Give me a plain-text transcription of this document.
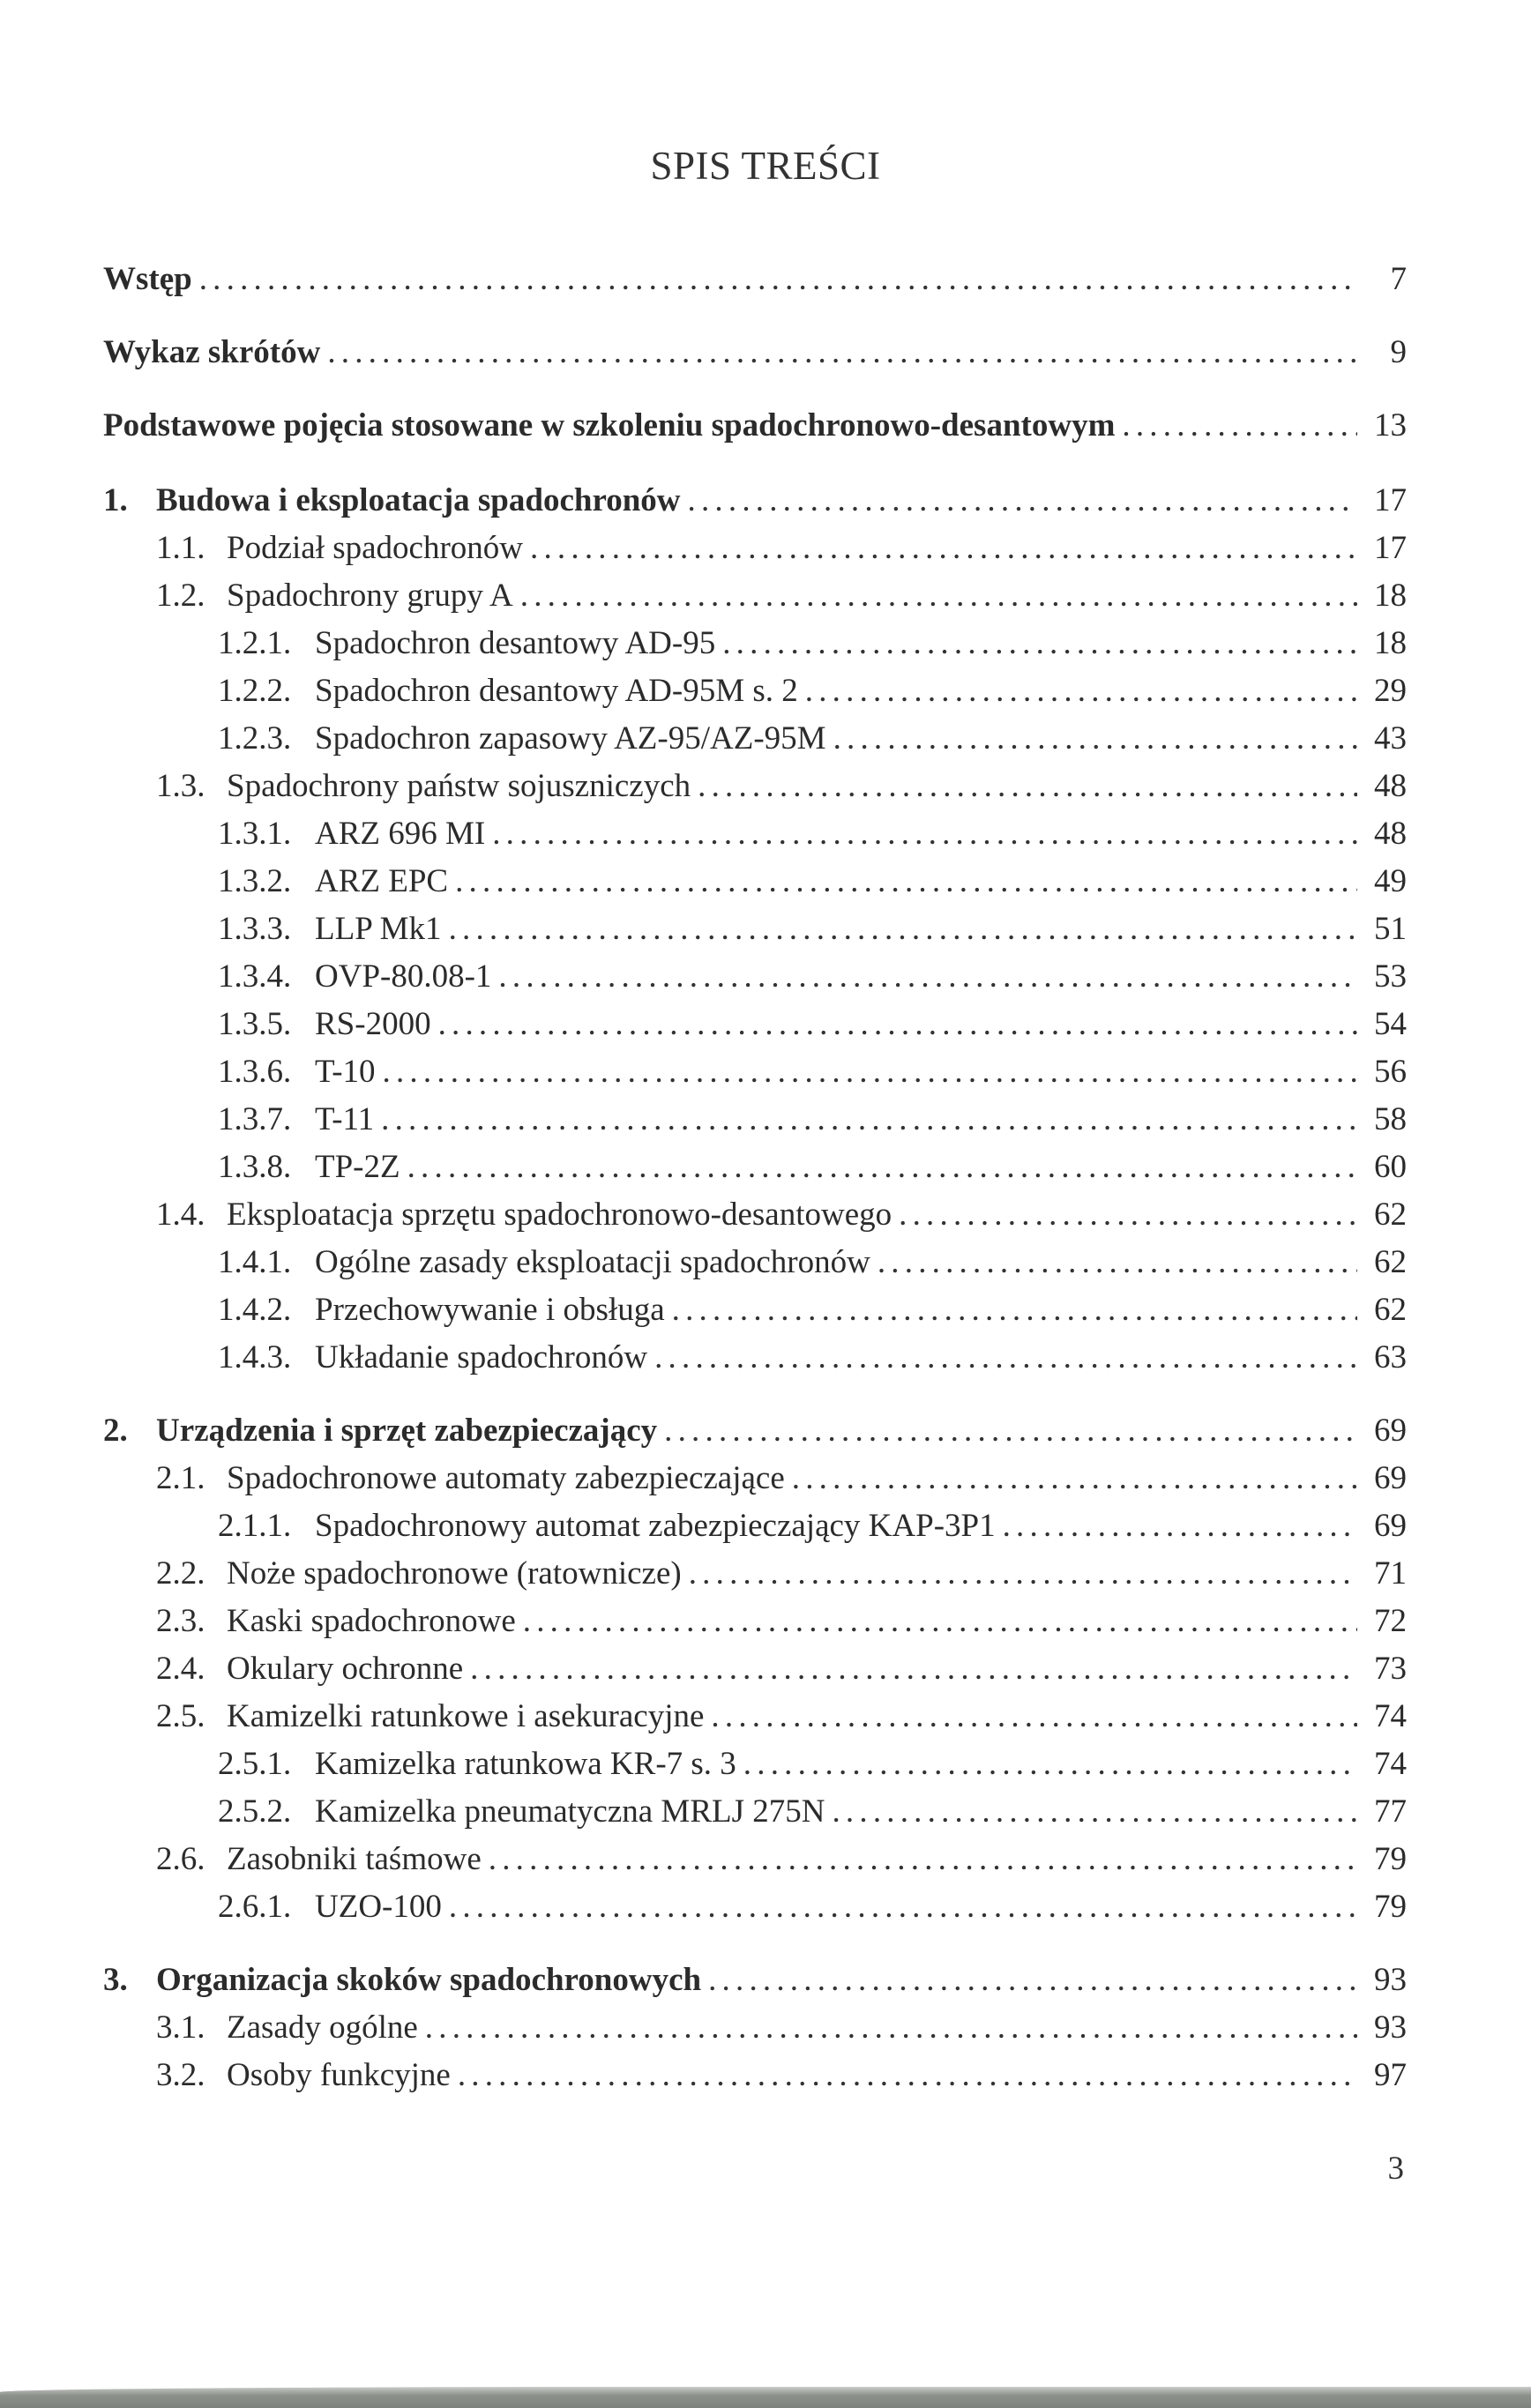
SPIS TREŚCI
Wstęp .....	7
Wykaz skrótów .....	9
Podstawowe pojęcia stosowane w szkoleniu spadochronowo-desantowym .....	13
1. Budowa i eksploatacja spadochronów .....	17
1.1. Podział spadochronów .....	17
1.2. Spadochrony grupy A .....	18
1.2.1. Spadochron desantowy AD-95 .....	18
1.2.2. Spadochron desantowy AD-95M s. 2 .....	29
1.2.3. Spadochron zapasowy AZ-95/AZ-95M .....	43
1.3. Spadochrony państw sojuszniczych .....	48
1.3.1. ARZ 696 MI .....	48
1.3.2. ARZ EPC .....	49
1.3.3. LLP Mk1 .....	51
1.3.4. OVP-80.08-1 .....	53
1.3.5. RS-2000 .....	54
1.3.6. T-10 .....	56
1.3.7. T-11 .....	58
1.3.8. TP-2Z .....	60
1.4. Eksploatacja sprzętu spadochronowo-desantowego .....	62
1.4.1. Ogólne zasady eksploatacji spadochronów .....	62
1.4.2. Przechowywanie i obsługa .....	62
1.4.3. Układanie spadochronów .....	63
2. Urządzenia i sprzęt zabezpieczający .....	69
2.1. Spadochronowe automaty zabezpieczające .....	69
2.1.1. Spadochronowy automat zabezpieczający KAP-3P1 .....	69
2.2. Noże spadochronowe (ratownicze) .....	71
2.3. Kaski spadochronowe .....	72
2.4. Okulary ochronne .....	73
2.5. Kamizelki ratunkowe i asekuracyjne .....	74
2.5.1. Kamizelka ratunkowa KR-7 s. 3 .....	74
2.5.2. Kamizelka pneumatyczna MRLJ 275N .....	77
2.6. Zasobniki taśmowe .....	79
2.6.1. UZO-100 .....	79
3. Organizacja skoków spadochronowych .....	93
3.1. Zasady ogólne .....	93
3.2. Osoby funkcyjne .....	97
3
